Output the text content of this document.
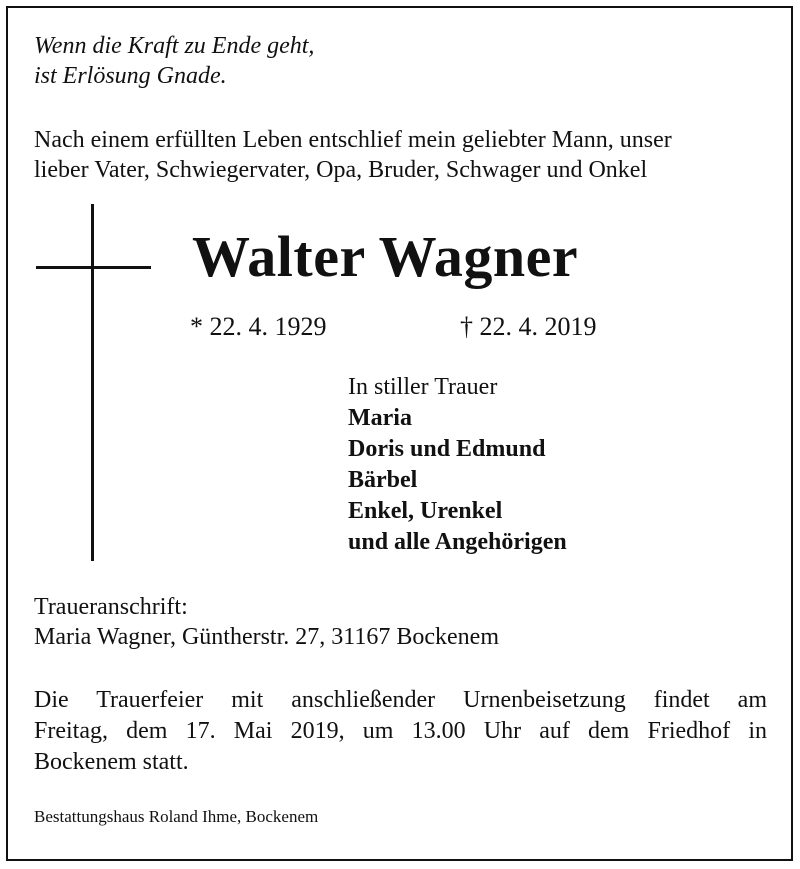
Wenn die Kraft zu Ende geht,
ist Erlösung Gnade.
Nach einem erfüllten Leben entschlief mein geliebter Mann, unser
lieber Vater, Schwiegervater, Opa, Bruder, Schwager und Onkel
Walter Wagner
* 22. 4. 1929	† 22. 4. 2019
In stiller Trauer
Maria
Doris und Edmund
Bärbel
Enkel, Urenkel
und alle Angehörigen
Traueranschrift:
Maria Wagner, Güntherstr. 27, 31167 Bockenem
Die Trauerfeier mit anschließender Urnenbeisetzung findet am
Freitag, dem 17. Mai 2019, um 13.00 Uhr auf dem Friedhof in
Bockenem statt.
Bestattungshaus Roland Ihme, Bockenem
